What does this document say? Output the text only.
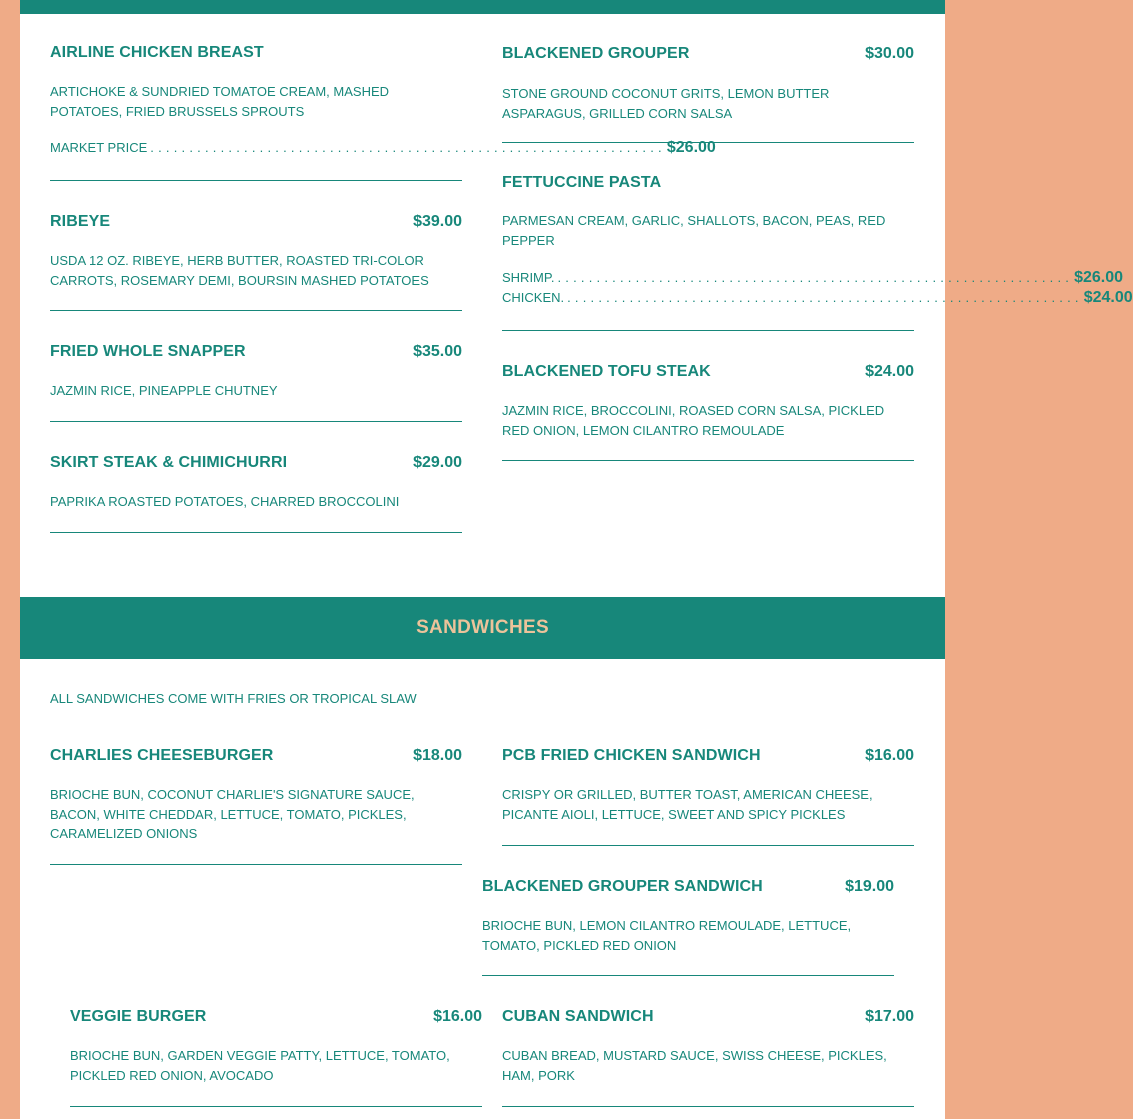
AIRLINE CHICKEN BREAST
ARTICHOKE & SUNDRIED TOMATOE CREAM, MASHED POTATOES, FRIED BRUSSELS SPROUTS
MARKET PRICE .................................................................. $26.00
RIBEYE	$39.00
USDA 12 OZ. RIBEYE, HERB BUTTER, ROASTED TRI-COLOR CARROTS, ROSEMARY DEMI, BOURSIN MASHED POTATOES
FRIED WHOLE SNAPPER	$35.00
JAZMIN RICE, PINEAPPLE CHUTNEY
SKIRT STEAK & CHIMICHURRI	$29.00
PAPRIKA ROASTED POTATOES, CHARRED BROCCOLINI
BLACKENED GROUPER	$30.00
STONE GROUND COCONUT GRITS, LEMON BUTTER ASPARAGUS, GRILLED CORN SALSA
FETTUCCINE PASTA
PARMESAN CREAM, GARLIC, SHALLOTS, BACON, PEAS, RED PEPPER
SHRIMP. .................................................................. $26.00
CHICKEN. .................................................................. $24.00
BLACKENED TOFU STEAK	$24.00
JAZMIN RICE, BROCCOLINI, ROASED CORN SALSA, PICKLED RED ONION, LEMON CILANTRO REMOULADE
SANDWICHES
ALL SANDWICHES COME WITH FRIES OR TROPICAL SLAW
CHARLIES CHEESEBURGER	$18.00
BRIOCHE BUN, COCONUT CHARLIE'S SIGNATURE SAUCE, BACON, WHITE CHEDDAR, LETTUCE, TOMATO, PICKLES, CARAMELIZED ONIONS
PCB FRIED CHICKEN SANDWICH	$16.00
CRISPY OR GRILLED, BUTTER TOAST, AMERICAN CHEESE, PICANTE AIOLI, LETTUCE, SWEET AND SPICY PICKLES
BLACKENED GROUPER SANDWICH	$19.00
BRIOCHE BUN, LEMON CILANTRO REMOULADE, LETTUCE, TOMATO, PICKLED RED ONION
VEGGIE BURGER	$16.00
BRIOCHE BUN, GARDEN VEGGIE PATTY, LETTUCE, TOMATO, PICKLED RED ONION, AVOCADO
CUBAN SANDWICH	$17.00
CUBAN BREAD, MUSTARD SAUCE, SWISS CHEESE, PICKLES, HAM, PORK
